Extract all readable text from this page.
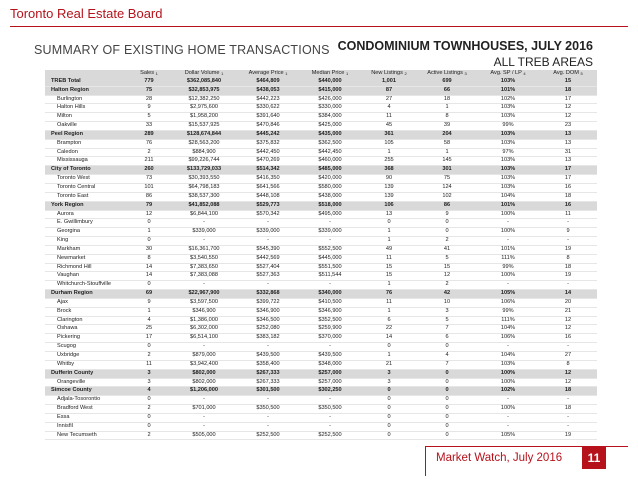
Toronto Real Estate Board
SUMMARY OF EXISTING HOME TRANSACTIONS CONDOMINIUM TOWNHOUSES, JULY 2016
ALL TREB AREAS
	Sales $^1$	Dollar Volume $^1$	Average Price $^1$	Median Price $^1$	New Listings $^2$	Active Listings $^3$	Avg. SP / LP $^4$	Avg. DOM $^5$
TREB Total	779	$362,085,840	$464,809	$440,000	1,001	699	103%	15
Halton Region	75	$32,853,975	$438,053	$415,000	87	66	101%	18
Burlington	28	$12,382,250	$442,223	$426,000	27	18	102%	17
Halton Hills	9	$2,975,600	$330,622	$330,000	4	1	103%	12
Milton	5	$1,958,200	$391,640	$384,000	11	8	103%	12
Oakville	33	$15,537,925	$470,846	$425,000	45	39	99%	23
Peel Region	289	$128,674,844	$445,242	$435,000	361	204	103%	13
Brampton	76	$28,563,200	$375,832	$362,500	105	58	103%	13
Caledon	2	$884,900	$442,450	$442,450	1	1	97%	31
Mississauga	211	$99,226,744	$470,269	$460,000	255	145	103%	13
City of Toronto	260	$133,729,033	$514,342	$485,000	368	301	103%	17
Toronto West	73	$30,393,550	$416,350	$420,000	90	75	103%	17
Toronto Central	101	$64,798,183	$641,566	$580,000	139	124	103%	16
Toronto East	86	$38,537,300	$448,108	$438,000	139	102	104%	18
York Region	79	$41,852,088	$529,773	$518,000	106	86	101%	16
Aurora	12	$6,844,100	$570,342	$495,000	13	9	100%	11
E. Gwillimbury	0	-	-	-	0	0	-	-
Georgina	1	$339,000	$339,000	$339,000	1	0	100%	9
King	0	-	-	-	1	2	-	-
Markham	30	$16,361,700	$545,390	$552,500	49	41	101%	19
Newmarket	8	$3,540,550	$442,569	$445,000	11	5	111%	8
Richmond Hill	14	$7,383,650	$527,404	$551,500	15	15	99%	18
Vaughan	14	$7,383,088	$527,363	$511,544	15	12	100%	19
Whitchurch-Stouffville	0	-	-	-	1	2	-	-
Durham Region	69	$22,967,900	$332,868	$340,000	76	42	105%	14
Ajax	9	$3,597,500	$399,722	$410,500	11	10	106%	20
Brock	1	$346,900	$346,900	$346,900	1	3	99%	21
Clarington	4	$1,386,000	$346,500	$352,500	6	5	111%	12
Oshawa	25	$6,302,000	$252,080	$259,900	22	7	104%	12
Pickering	17	$6,514,100	$383,182	$370,000	14	6	106%	16
Scugog	0	-	-	-	0	0	-	-
Uxbridge	2	$879,000	$439,500	$439,500	1	4	104%	27
Whitby	11	$3,942,400	$358,400	$348,000	21	7	103%	8
Dufferin County	3	$802,000	$267,333	$257,000	3	0	100%	12
Orangeville	3	$802,000	$267,333	$257,000	3	0	100%	12
Simcoe County	4	$1,206,000	$301,500	$302,250	0	0	102%	18
Adjala-Tosorontio	0	-	-	-	0	0	-	-
Bradford West	2	$701,000	$350,500	$350,500	0	0	100%	18
Essa	0	-	-	-	0	0	-	-
Innisfil	0	-	-	-	0	0	-	-
New Tecumseth	2	$505,000	$252,500	$252,500	0	0	105%	19
Market Watch, July 2016	11
